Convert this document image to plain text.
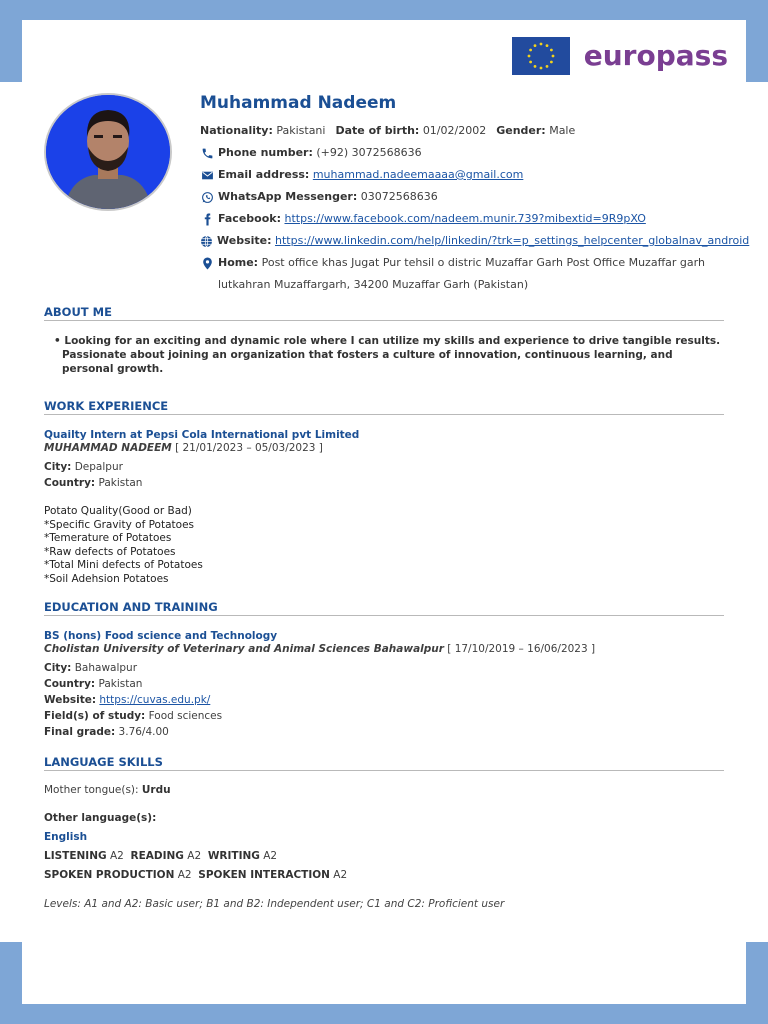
europass
Muhammad Nadeem
Nationality:
Pakistani Date of birth:
01/02/2002 Gender:
Male
Phone number:
(+92) 3072568636
Email address:
muhammad.nadeemaaaa@gmail.com
WhatsApp Messenger:
03072568636
Facebook:
https://www.facebook.com/nadeem.munir.739?mibextid=9R9pXO
Website:
https://www.linkedin.com/help/linkedin/?trk=p_settings_helpcenter_globalnav_android
Home:
Post office khas Jugat Pur tehsil o distric Muzaffar Garh Post Office Muzaffar garh
lutkahran Muzaffargarh, 34200 Muzaffar Garh (Pakistan)
ABOUT ME
• Looking for an exciting and dynamic role where I can utilize my skills and experience to drive tangible results. Passionate about joining an organization that fosters a culture of innovation, continuous learning, and personal growth.
WORK EXPERIENCE
Quailty Intern at Pepsi Cola International pvt Limited
MUHAMMAD NADEEM [ 21/01/2023 – 05/03/2023 ]
City: Depalpur
Country: Pakistan
Potato Quality(Good or Bad)
*Specific Gravity of Potatoes
*Temerature of Potatoes
*Raw defects of Potatoes
*Total Mini defects of Potatoes
*Soil Adehsion Potatoes
EDUCATION AND TRAINING
BS (hons) Food science and Technology
Cholistan University of Veterinary and Animal Sciences Bahawalpur [ 17/10/2019 – 16/06/2023 ]
City: Bahawalpur
Country: Pakistan
Website: https://cuvas.edu.pk/
Field(s) of study: Food sciences
Final grade: 3.76/4.00
LANGUAGE SKILLS
Mother tongue(s): Urdu
Other language(s):
English
LISTENING A2 READING A2 WRITING A2
SPOKEN PRODUCTION A2 SPOKEN INTERACTION A2
Levels: A1 and A2: Basic user; B1 and B2: Independent user; C1 and C2: Proficient user
